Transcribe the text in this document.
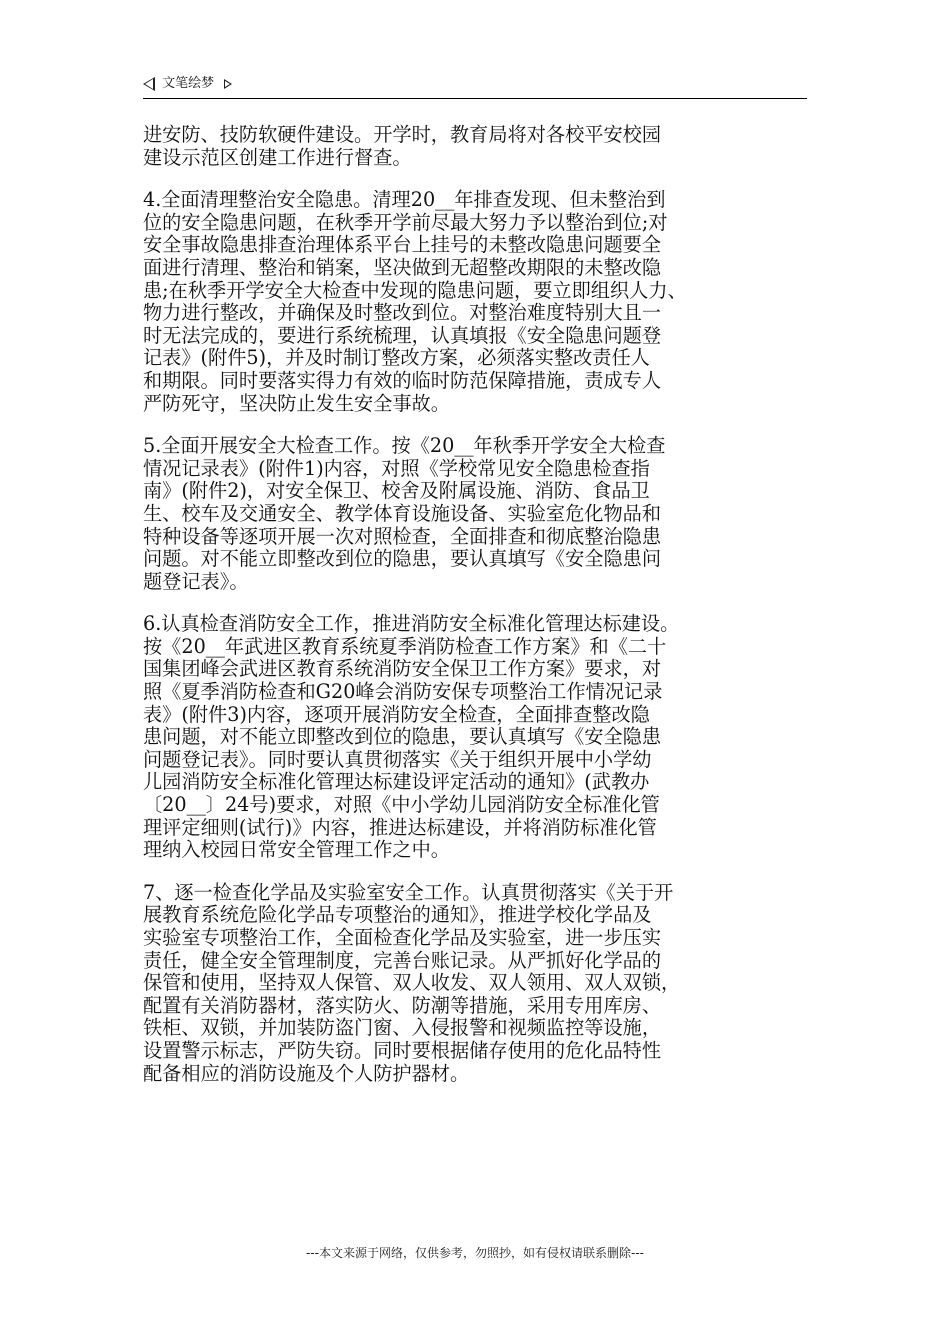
文笔绘梦
进安防、技防软硬件建设。开学时，教育局将对各校平安校园
建设示范区创建工作进行督查。
4.全面清理整治安全隐患。清理20__年排查发现、但未整治到
位的安全隐患问题，在秋季开学前尽最大努力予以整治到位;对
安全事故隐患排查治理体系平台上挂号的未整改隐患问题要全
面进行清理、整治和销案，坚决做到无超整改期限的未整改隐
患;在秋季开学安全大检查中发现的隐患问题，要立即组织人力、
物力进行整改，并确保及时整改到位。对整治难度特别大且一
时无法完成的，要进行系统梳理，认真填报《安全隐患问题登
记表》(附件5)，并及时制订整改方案，必须落实整改责任人
和期限。同时要落实得力有效的临时防范保障措施，责成专人
严防死守，坚决防止发生安全事故。
5.全面开展安全大检查工作。按《20__年秋季开学安全大检查
情况记录表》(附件1)内容，对照《学校常见安全隐患检查指
南》(附件2)，对安全保卫、校舍及附属设施、消防、食品卫
生、校车及交通安全、教学体育设施设备、实验室危化物品和
特种设备等逐项开展一次对照检查，全面排查和彻底整治隐患
问题。对不能立即整改到位的隐患，要认真填写《安全隐患问
题登记表》。
6.认真检查消防安全工作，推进消防安全标准化管理达标建设。
按《20__年武进区教育系统夏季消防检查工作方案》和《二十
国集团峰会武进区教育系统消防安全保卫工作方案》要求，对
照《夏季消防检查和G20峰会消防安保专项整治工作情况记录
表》(附件3)内容，逐项开展消防安全检查，全面排查整改隐
患问题，对不能立即整改到位的隐患，要认真填写《安全隐患
问题登记表》。同时要认真贯彻落实《关于组织开展中小学幼
儿园消防安全标准化管理达标建设评定活动的通知》(武教办
〔20__〕24号)要求，对照《中小学幼儿园消防安全标准化管
理评定细则(试行)》内容，推进达标建设，并将消防标准化管
理纳入校园日常安全管理工作之中。
7、逐一检查化学品及实验室安全工作。认真贯彻落实《关于开
展教育系统危险化学品专项整治的通知》，推进学校化学品及
实验室专项整治工作，全面检查化学品及实验室，进一步压实
责任，健全安全管理制度，完善台账记录。从严抓好化学品的
保管和使用，坚持双人保管、双人收发、双人领用、双人双锁，
配置有关消防器材，落实防火、防潮等措施，采用专用库房、
铁柜、双锁，并加装防盗门窗、入侵报警和视频监控等设施，
设置警示标志，严防失窃。同时要根据储存使用的危化品特性
配备相应的消防设施及个人防护器材。
---本文来源于网络，仅供参考，勿照抄，如有侵权请联系删除---
